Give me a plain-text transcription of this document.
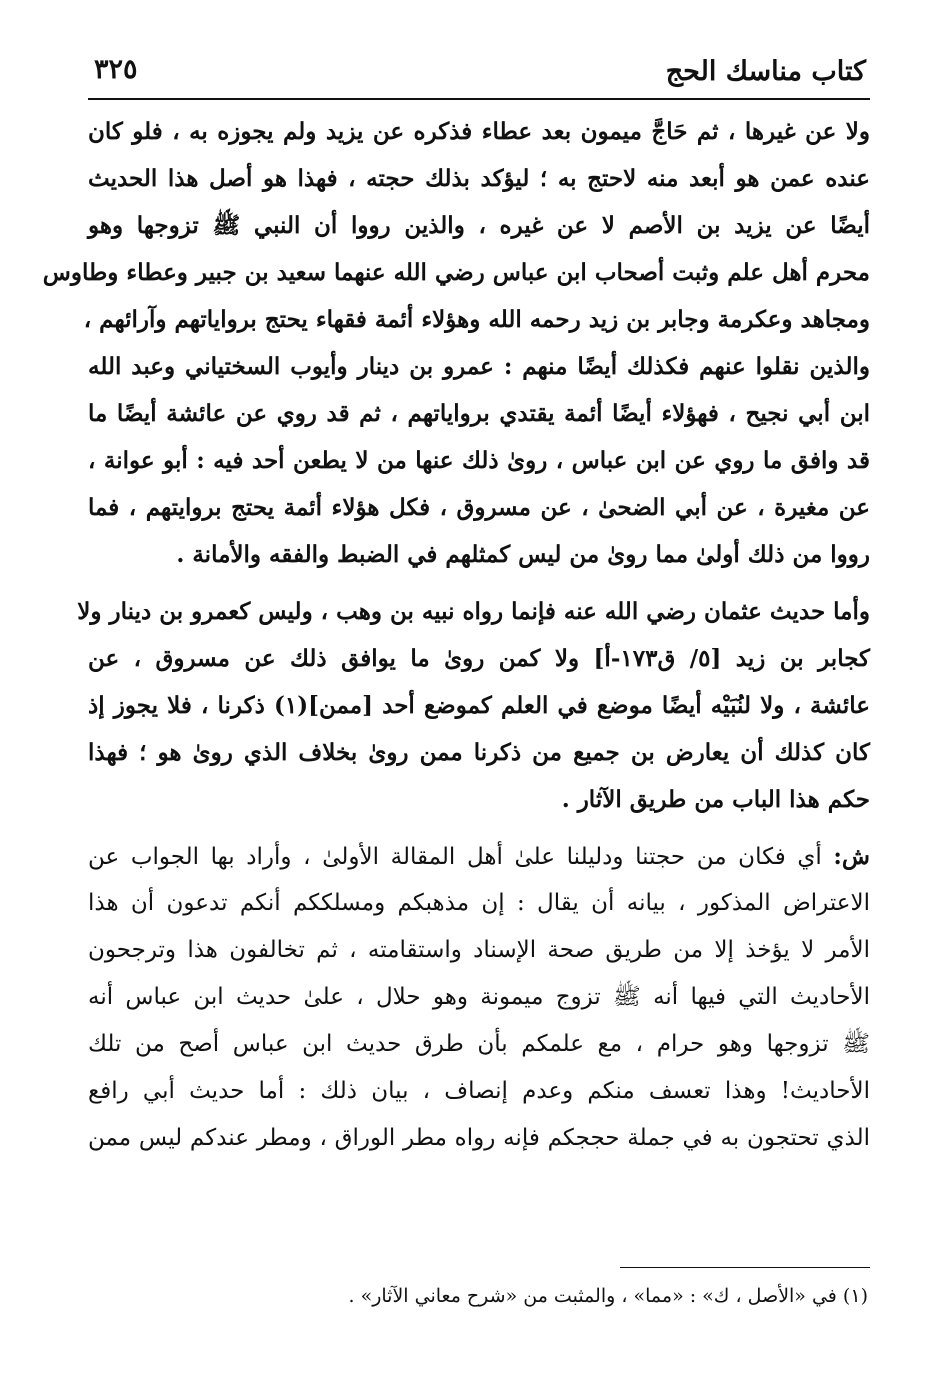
كتاب مناسك الحج
٣٢٥
ولا عن غيرها ، ثم حَاجَّ ميمون بعد عطاء فذكره عن يزيد ولم يجوزه به ، فلو كان
عنده عمن هو أبعد منه لاحتج به ؛ ليؤكد بذلك حجته ، فهذا هو أصل هذا الحديث
أيضًا عن يزيد بن الأصم لا عن غيره ، والذين رووا أن النبي ﷺ تزوجها وهو
محرم أهل علم وثبت أصحاب ابن عباس رضي الله عنهما سعيد بن جبير وعطاء وطاوس
ومجاهد وعكرمة وجابر بن زيد رحمه الله وهؤلاء أئمة فقهاء يحتج برواياتهم وآرائهم ،
والذين نقلوا عنهم فكذلك أيضًا منهم : عمرو بن دينار وأيوب السختياني وعبد الله
ابن أبي نجيح ، فهؤلاء أيضًا أئمة يقتدي برواياتهم ، ثم قد روي عن عائشة أيضًا ما
قد وافق ما روي عن ابن عباس ، روىٰ ذلك عنها من لا يطعن أحد فيه : أبو عوانة ،
عن مغيرة ، عن أبي الضحىٰ ، عن مسروق ، فكل هؤلاء أئمة يحتج بروايتهم ، فما
رووا من ذلك أولىٰ مما روىٰ من ليس كمثلهم في الضبط والفقه والأمانة .
وأما حديث عثمان رضي الله عنه فإنما رواه نبيه بن وهب ، وليس كعمرو بن دينار ولا
كجابر بن زيد [٥/ ق١٧٣-أ] ولا كمن روىٰ ما يوافق ذلك عن مسروق ، عن
عائشة ، ولا لنُبَيْه أيضًا موضع في العلم كموضع أحد [ممن](١) ذكرنا ، فلا يجوز إذ
كان كذلك أن يعارض بن جميع من ذكرنا ممن روىٰ بخلاف الذي روىٰ هو ؛ فهذا
حكم هذا الباب من طريق الآثار .
ش: أي فكان من حجتنا ودليلنا علىٰ أهل المقالة الأولىٰ ، وأراد بها الجواب عن
الاعتراض المذكور ، بيانه أن يقال : إن مذهبكم ومسلككم أنكم تدعون أن هذا
الأمر لا يؤخذ إلا من طريق صحة الإسناد واستقامته ، ثم تخالفون هذا وترجحون
الأحاديث التي فيها أنه ﷺ تزوج ميمونة وهو حلال ، علىٰ حديث ابن عباس أنه
ﷺ تزوجها وهو حرام ، مع علمكم بأن طرق حديث ابن عباس أصح من تلك
الأحاديث! وهذا تعسف منكم وعدم إنصاف ، بيان ذلك : أما حديث أبي رافع
الذي تحتجون به في جملة حججكم فإنه رواه مطر الوراق ، ومطر عندكم ليس ممن
(١) في «الأصل ، ك» : «مما» ، والمثبت من «شرح معاني الآثار» .
